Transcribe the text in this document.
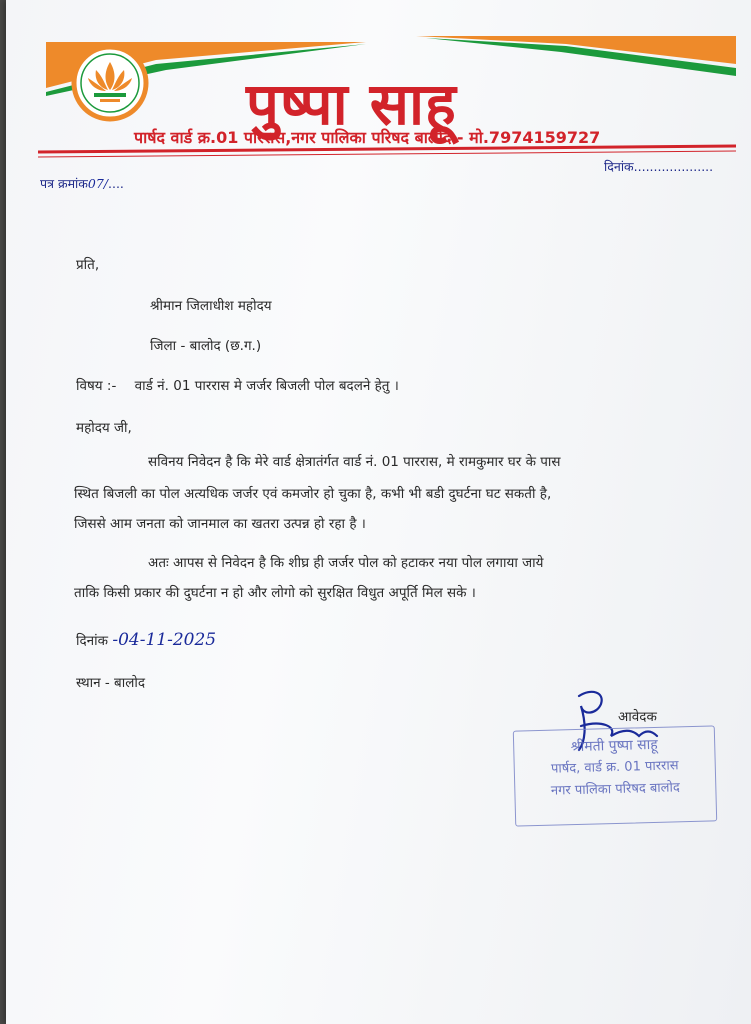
पुष्पा साहू
पार्षद वार्ड क्र.01 पाररास,नगर पालिका परिषद बालोद - मो.7974159727
पत्र क्रमांक07/....
दिनांक....................
प्रति,
श्रीमान जिलाधीश महोदय
जिला - बालोद (छ.ग.)
विषय :- वार्ड नं. 01 पाररास मे जर्जर बिजली पोल बदलने हेतु ।
महोदय जी,
सविनय निवेदन है कि मेरे वार्ड क्षेत्रातंर्गत वार्ड नं. 01 पाररास, मे रामकुमार घर के पास
स्थित बिजली का पोल अत्यधिक जर्जर एवं कमजोर हो चुका है, कभी भी बडी दुघर्टना घट सकती है,
जिससे आम जनता को जानमाल का खतरा उत्पन्न हो रहा है ।
अतः आपस से निवेदन है कि शीघ्र ही जर्जर पोल को हटाकर नया पोल लगाया जाये
ताकि किसी प्रकार की दुघर्टना न हो और लोगो को सुरक्षित विधुत अपूर्ति मिल सके ।
दिनांक -04-11-2025
स्थान - बालोद
आवेदक
श्रीमती पुष्पा साहू
पार्षद, वार्ड क्र. 01 पाररास
नगर पालिका परिषद बालोद
